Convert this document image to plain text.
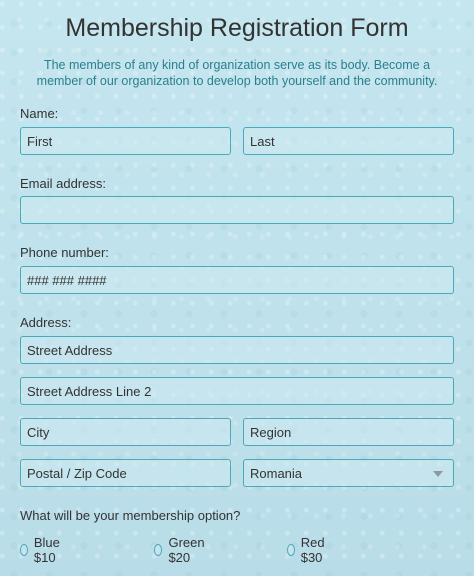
Membership Registration Form
The members of any kind of organization serve as its body. Become a member of our organization to develop both yourself and the community.
Name:
First	Last
Email address:
Phone number:
### ### ####
Address:
Street Address
Street Address Line 2
City	Region
Postal / Zip Code	Romania
What will be your membership option?
Blue $10
Green $20
Red $30
